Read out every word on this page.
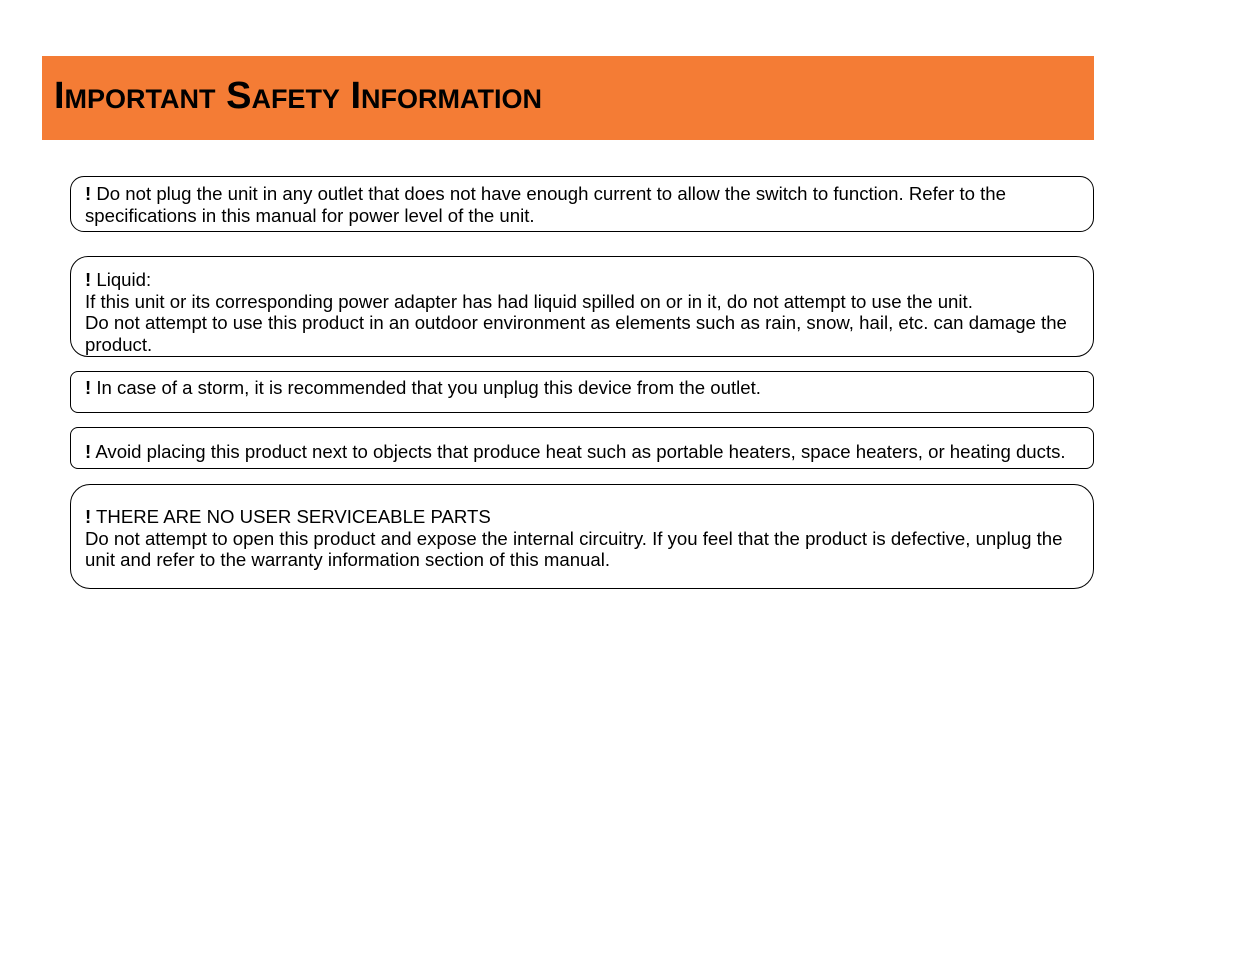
Important Safety Information
! Do not plug the unit in any outlet that does not have enough current to allow the switch to function. Refer to the
specifications in this manual for power level of the unit.
! Liquid:
If this unit or its corresponding power adapter has had liquid spilled on or in it, do not attempt to use the unit.
Do not attempt to use this product in an outdoor environment as elements such as rain, snow, hail, etc. can damage the
product.
! In case of a storm, it is recommended that you unplug this device from the outlet.
! Avoid placing this product next to objects that produce heat such as portable heaters, space heaters, or heating ducts.
! THERE ARE NO USER SERVICEABLE PARTS
Do not attempt to open this product and expose the internal circuitry. If you feel that the product is defective, unplug the
unit and refer to the warranty information section of this manual.
